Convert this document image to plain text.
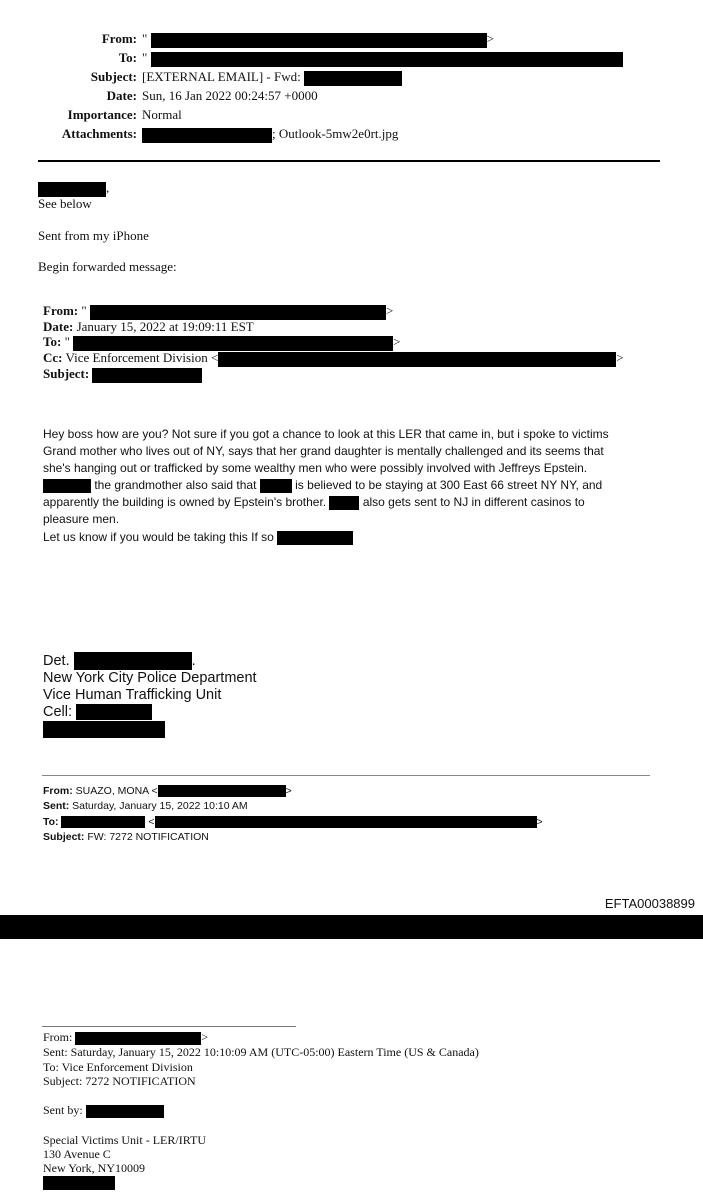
From: "	>
To: "
Subject: [EXTERNAL EMAIL] - Fwd:
Date: Sun, 16 Jan 2022 00:24:57 +0000
Importance: Normal
Attachments:	; Outlook-5mw2e0rt.jpg
,
See below
Sent from my iPhone
Begin forwarded message:
From: "	>
Date: January 15, 2022 at 19:09:11 EST
To: "	>
Cc: Vice Enforcement Division <	>
Subject:
Hey boss how are you? Not sure if you got a chance to look at this LER that came in, but i spoke to victims
Grand mother who lives out of NY, says that her grand daughter is mentally challenged and its seems that
she's hanging out or trafficked by some wealthy men who were possibly involved with Jeffreys Epstein.
the grandmother also said that	is believed to be staying at 300 East 66 street NY NY, and
apparently the building is owned by Epstein's brother.	also gets sent to NJ in different casinos to
pleasure men.
Let us know if you would be taking this If so
Det.	.
New York City Police Department
Vice Human Trafficking Unit
Cell:
From: SUAZO, MONA <	>
Sent: Saturday, January 15, 2022 10:10 AM
To:	<	>
Subject: FW: 7272 NOTIFICATION
EFTA00038899
From:	>
Sent: Saturday, January 15, 2022 10:10:09 AM (UTC-05:00) Eastern Time (US & Canada)
To: Vice Enforcement Division
Subject: 7272 NOTIFICATION
Sent by:
Special Victims Unit - LER/IRTU
130 Avenue C
New York, NY10009
